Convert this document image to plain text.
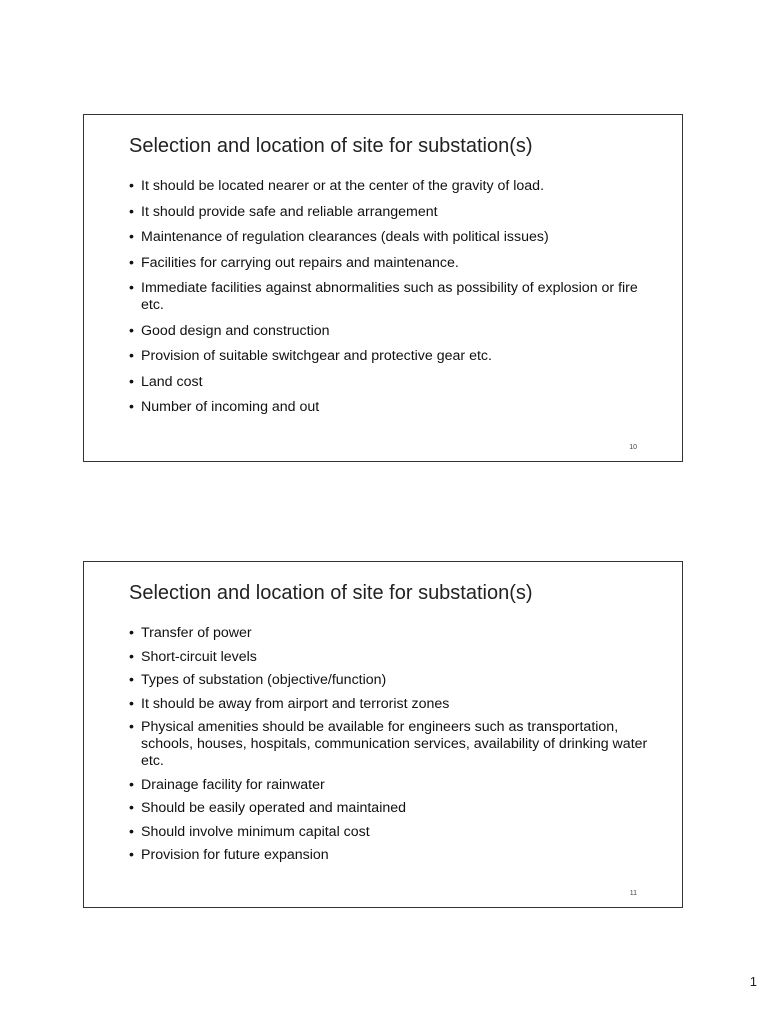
Selection and location of site for substation(s)
• It should be located nearer or at the center of the gravity of load.
• It should provide safe and reliable arrangement
• Maintenance of regulation clearances (deals with political issues)
• Facilities for carrying out repairs and maintenance.
• Immediate facilities against abnormalities such as possibility of explosion or fire etc.
• Good design and construction
• Provision of suitable switchgear and protective gear etc.
• Land cost
• Number of incoming and out
10
Selection and location of site for substation(s)
• Transfer of power
• Short-circuit levels
• Types of substation (objective/function)
• It should be away from airport and terrorist zones
• Physical amenities should be available for engineers such as transportation, schools, houses, hospitals, communication services, availability of drinking water etc.
• Drainage facility for rainwater
• Should be easily operated and maintained
• Should involve minimum capital cost
• Provision for future expansion
11
1
